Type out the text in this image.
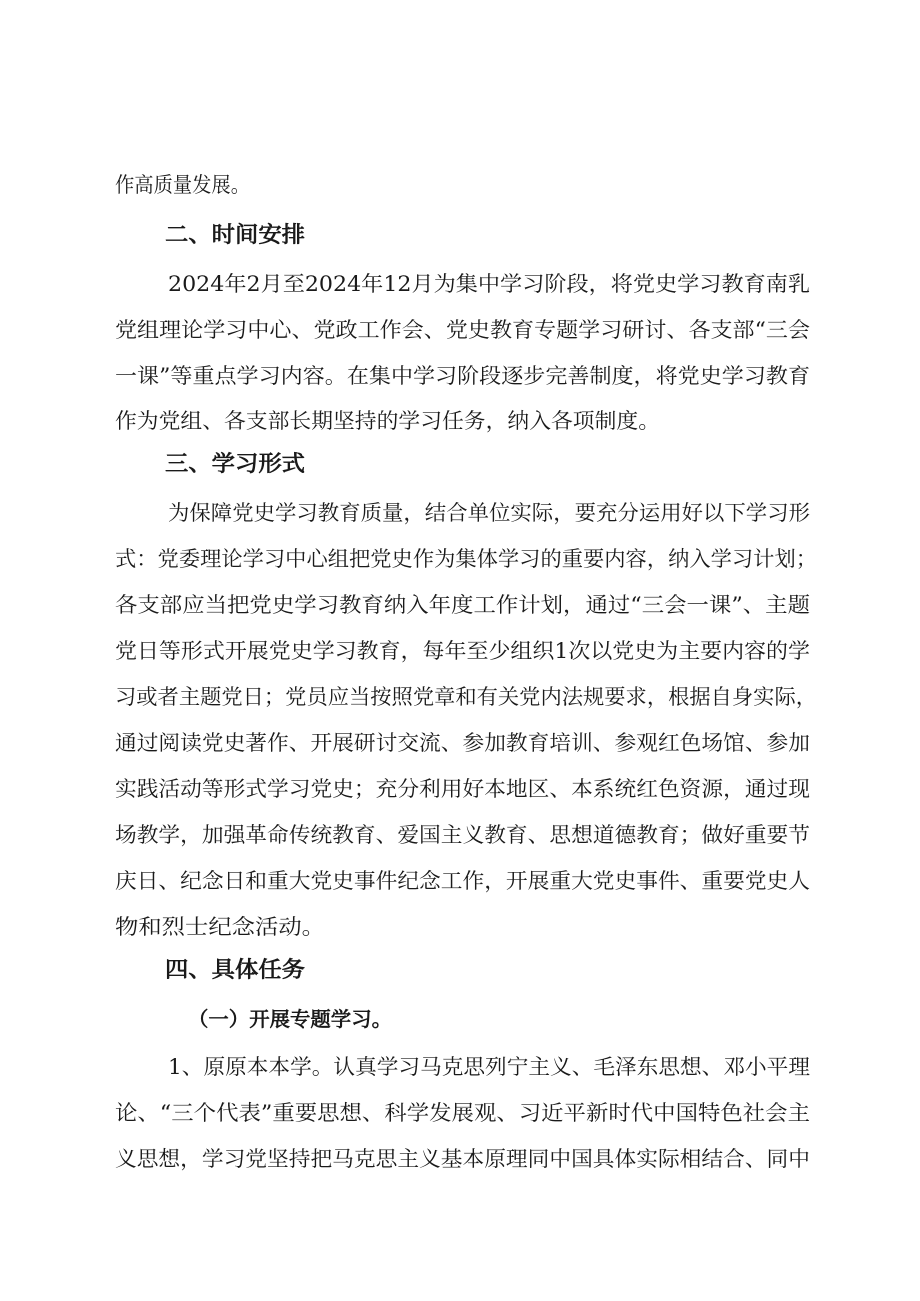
作高质量发展。
二、时间安排
2024年2月至2024年12月为集中学习阶段，将党史学习教育南乳
党组理论学习中心、党政工作会、党史教育专题学习研讨、各支部“三会
一课”等重点学习内容。在集中学习阶段逐步完善制度，将党史学习教育
作为党组、各支部长期坚持的学习任务，纳入各项制度。
三、学习形式
为保障党史学习教育质量，结合单位实际，要充分运用好以下学习形
式：党委理论学习中心组把党史作为集体学习的重要内容，纳入学习计划；
各支部应当把党史学习教育纳入年度工作计划，通过“三会一课”、主题
党日等形式开展党史学习教育，每年至少组织1次以党史为主要内容的学
习或者主题党日；党员应当按照党章和有关党内法规要求，根据自身实际，
通过阅读党史著作、开展研讨交流、参加教育培训、参观红色场馆、参加
实践活动等形式学习党史；充分利用好本地区、本系统红色资源，通过现
场教学，加强革命传统教育、爱国主义教育、思想道德教育；做好重要节
庆日、纪念日和重大党史事件纪念工作，开展重大党史事件、重要党史人
物和烈士纪念活动。
四、具体任务
（一）开展专题学习。
1、原原本本学。认真学习马克思列宁主义、毛泽东思想、邓小平理
论、“三个代表”重要思想、科学发展观、习近平新时代中国特色社会主
义思想，学习党坚持把马克思主义基本原理同中国具体实际相结合、同中
